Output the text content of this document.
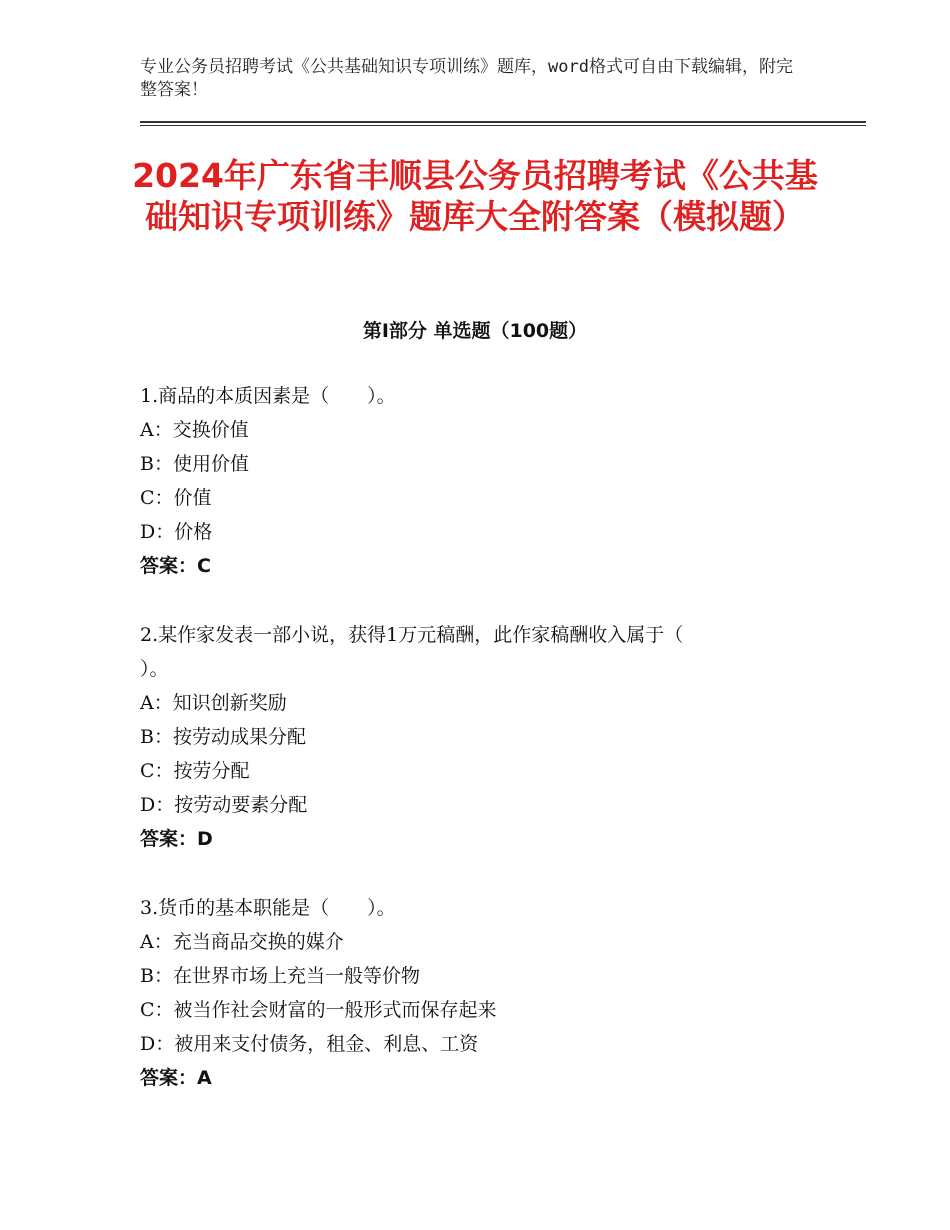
专业公务员招聘考试《公共基础知识专项训练》题库，word格式可自由下载编辑，附完整答案！
2024年广东省丰顺县公务员招聘考试《公共基础知识专项训练》题库大全附答案（模拟题）
第Ⅰ部分 单选题（100题）
1.商品的本质因素是（　　）。
A：交换价值
B：使用价值
C：价值
D：价格
答案：C
2.某作家发表一部小说，获得1万元稿酬，此作家稿酬收入属于（
）。
A：知识创新奖励
B：按劳动成果分配
C：按劳分配
D：按劳动要素分配
答案：D
3.货币的基本职能是（　　）。
A：充当商品交换的媒介
B：在世界市场上充当一般等价物
C：被当作社会财富的一般形式而保存起来
D：被用来支付债务，租金、利息、工资
答案：A
